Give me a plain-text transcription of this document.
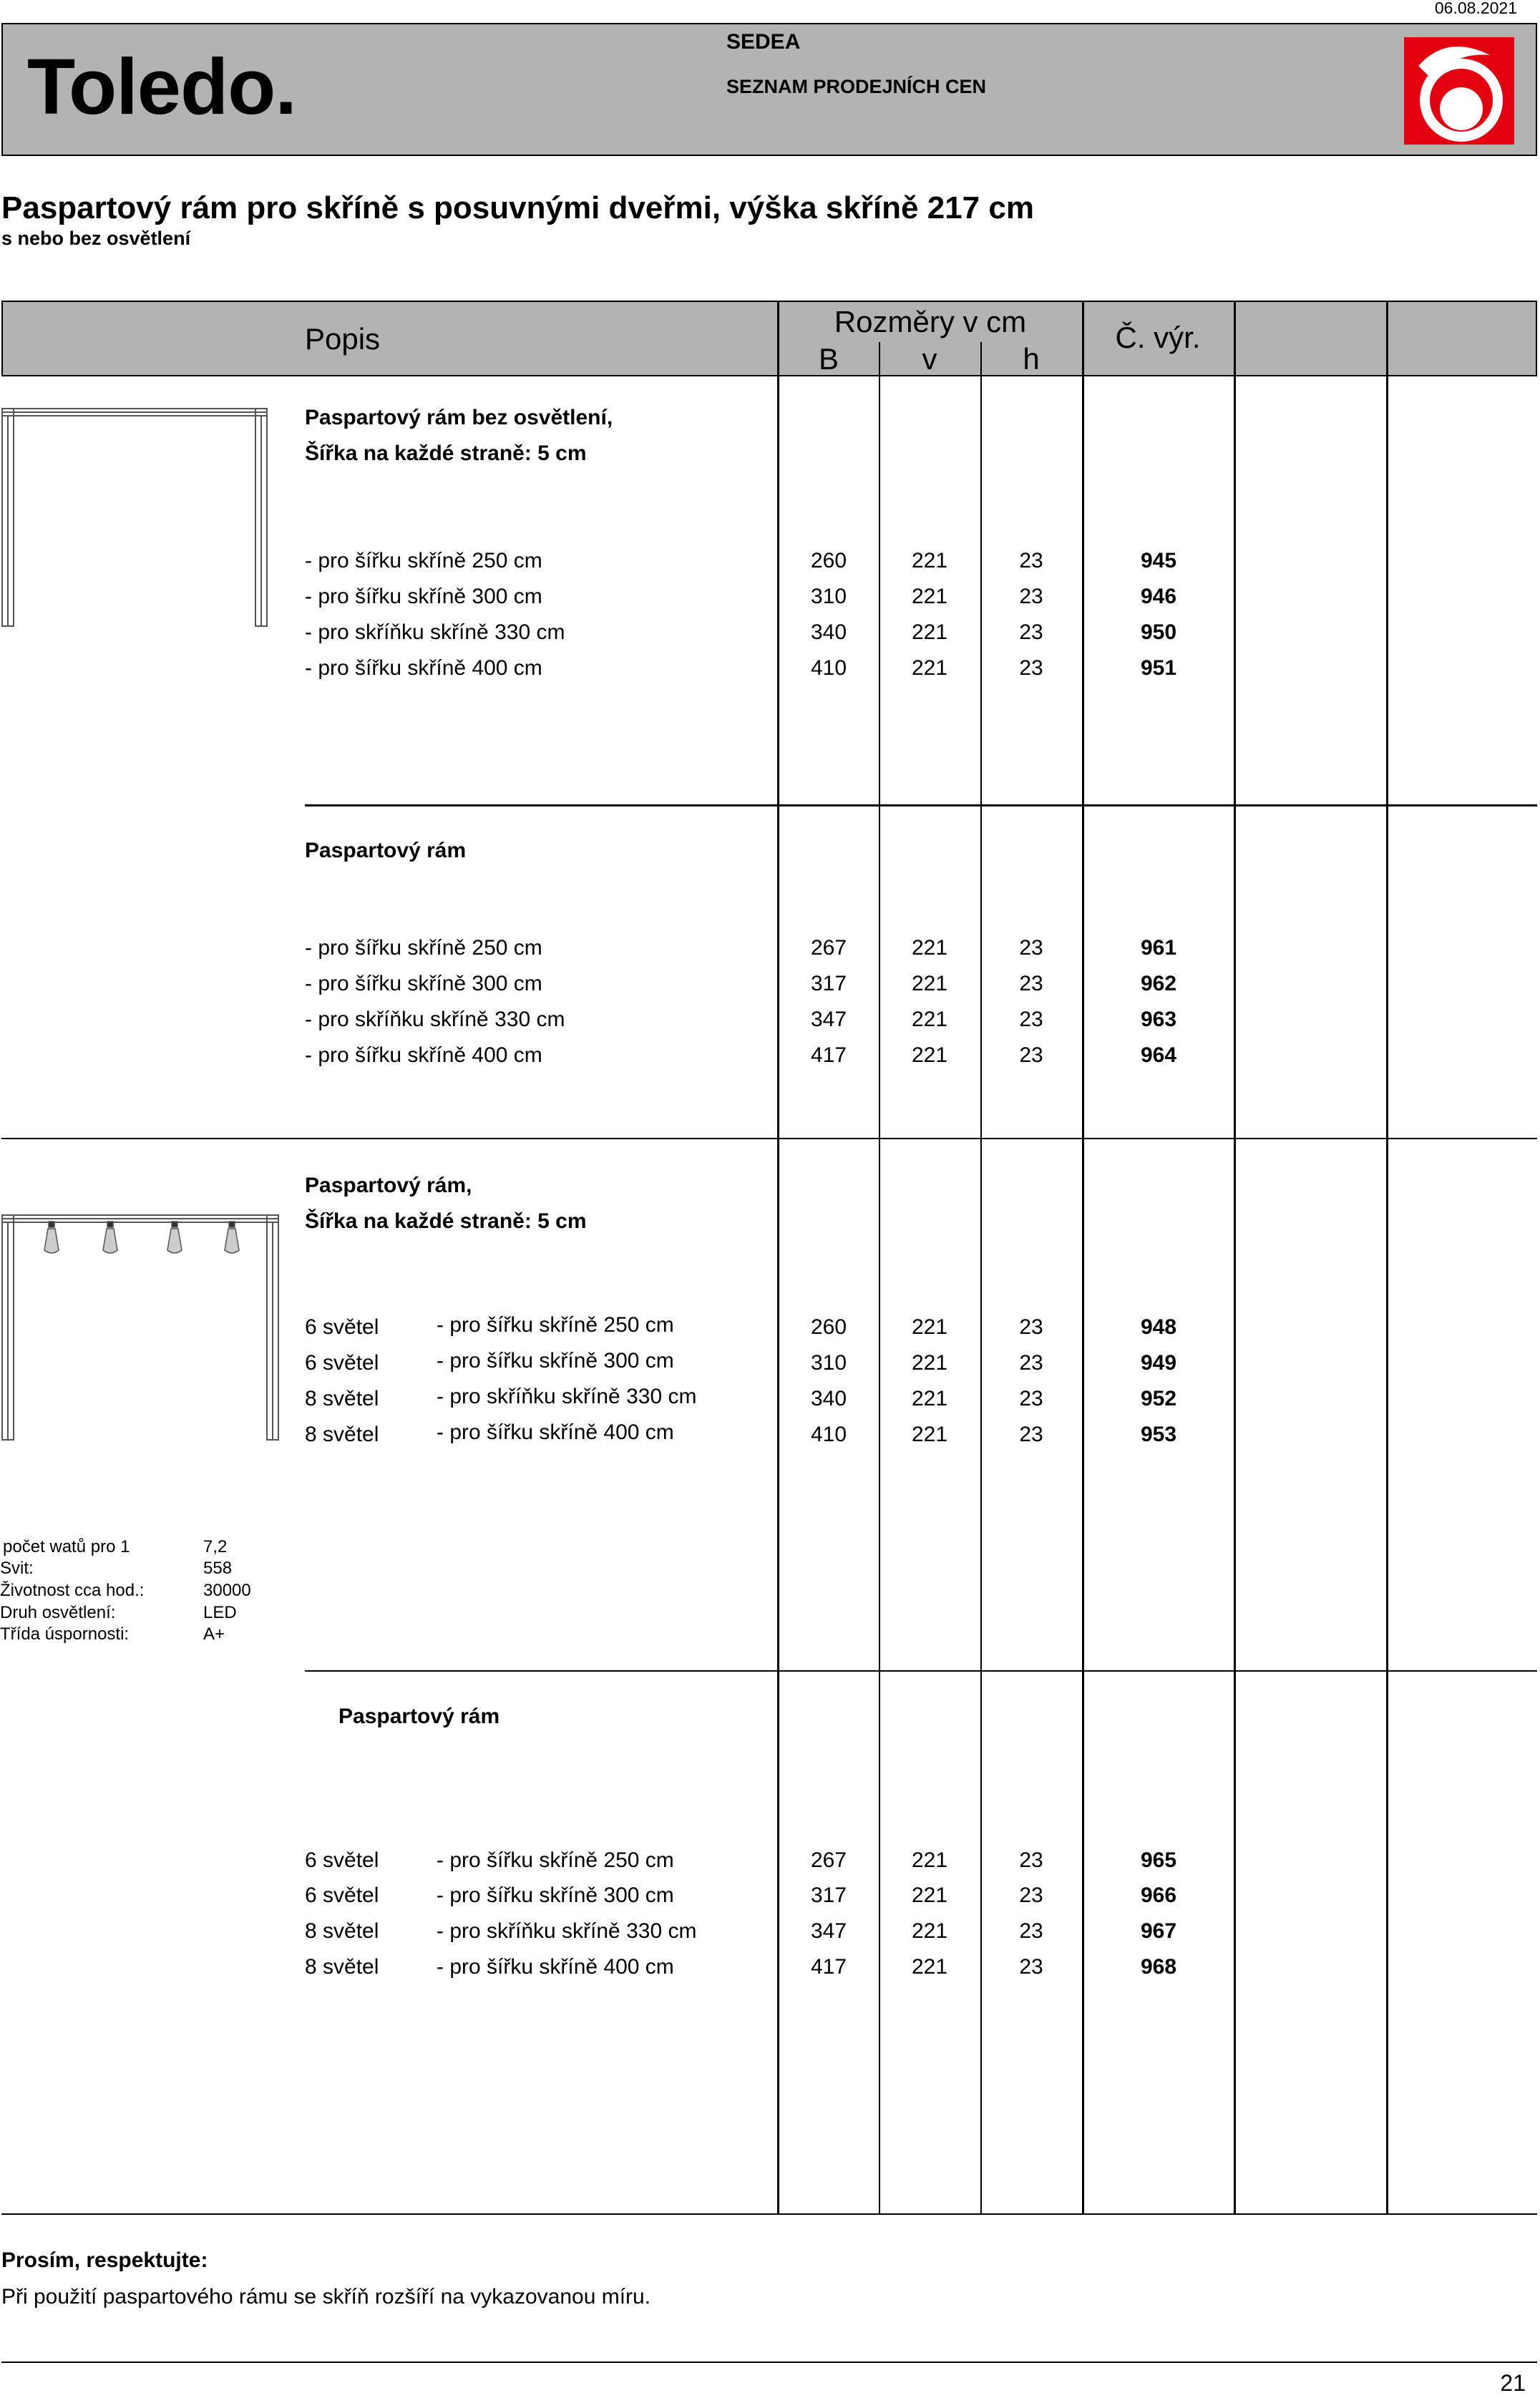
06.08.2021
Toledo.
SEDEA
SEZNAM PRODEJNÍCH CEN
Paspartový rám pro skříně s posuvnými dveřmi, výška skříně 217 cm
s nebo bez osvětlení
Popis
Rozměry v cm
B	v	h
Č. výr.
Paspartový rám bez osvětlení,
Šířka na každé straně: 5 cm
- pro šířku skříně 250 cm	260	221	23	945
- pro šířku skříně 300 cm	310	221	23	946
- pro skříňku skříně 330 cm	340	221	23	950
- pro šířku skříně 400 cm	410	221	23	951
Paspartový rám
- pro šířku skříně 250 cm	267	221	23	961
- pro šířku skříně 300 cm	317	221	23	962
- pro skříňku skříně 330 cm	347	221	23	963
- pro šířku skříně 400 cm	417	221	23	964
Paspartový rám,
Šířka na každé straně: 5 cm
6 světel	- pro šířku skříně 250 cm	260	221	23	948
6 světel	- pro šířku skříně 300 cm	310	221	23	949
8 světel	- pro skříňku skříně 330 cm	340	221	23	952
8 světel	- pro šířku skříně 400 cm	410	221	23	953
počet watů pro 1	7,2
Svit:	558
Životnost cca hod.:	30000
Druh osvětlení:	LED
Třída úspornosti:	A+
Paspartový rám
6 světel	- pro šířku skříně 250 cm	267	221	23	965
6 světel	- pro šířku skříně 300 cm	317	221	23	966
8 světel	- pro skříňku skříně 330 cm	347	221	23	967
8 světel	- pro šířku skříně 400 cm	417	221	23	968
Prosím, respektujte:
Při použití paspartového rámu se skříň rozšíří na vykazovanou míru.
21
